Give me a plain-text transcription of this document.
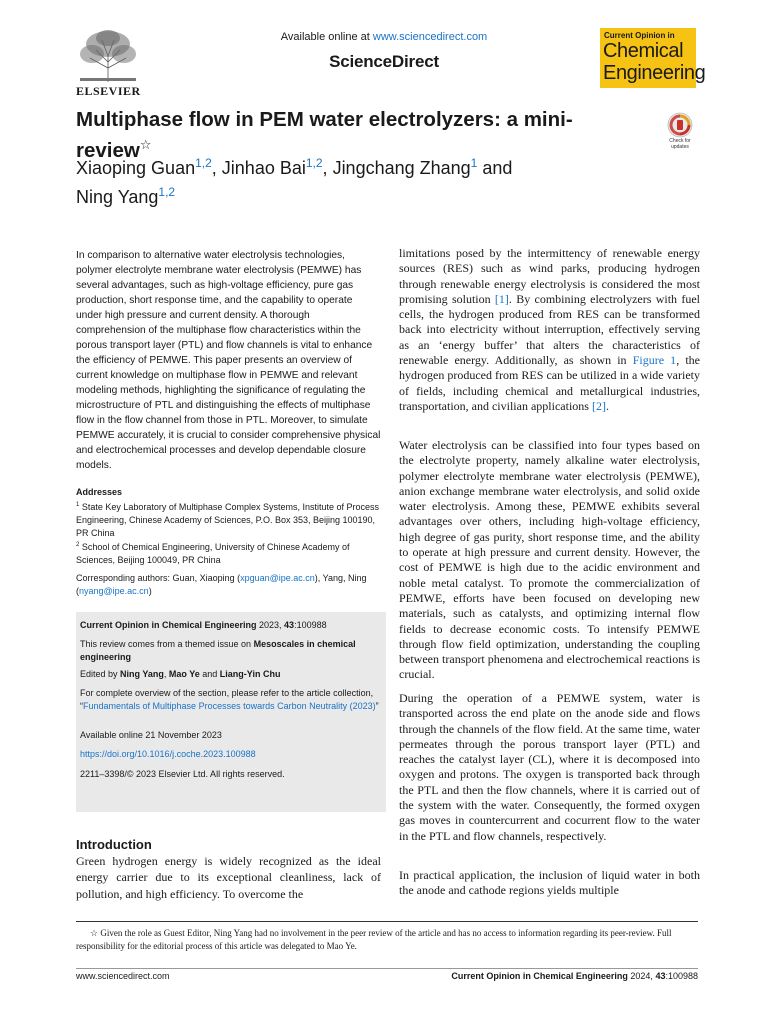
ELSEVIER
Available online at www.sciencedirect.com
ScienceDirect
Current Opinion in
Chemical
Engineering
Multiphase flow in PEM water electrolyzers: a mini-review☆	Check for updates
Xiaoping Guan$^{1,2}$, Jinhao Bai$^{1,2}$, Jingchang Zhang$^1$ and
Ning Yang$^{1,2}$
In comparison to alternative water electrolysis technologies, polymer electrolyte membrane water electrolysis (PEMWE) has several advantages, such as high-voltage efficiency, pure gas production, short response time, and the capability to operate under high pressure and current density. A thorough comprehension of the multiphase flow characteristics within the porous transport layer (PTL) and flow channels is vital to enhance the efficiency of PEMWE. This paper presents an overview of current knowledge on multiphase flow in PEMWE and relevant modeling methods, highlighting the significance of regulating the microstructure of PTL and distinguishing the effects of multiphase flow in the flow channel from those in PTL. Moreover, to simulate PEMWE accurately, it is crucial to consider comprehensive physical and electrochemical processes and develop dependable closure models.
Addresses

$^1$ State Key Laboratory of Multiphase Complex Systems, Institute of Process Engineering, Chinese Academy of Sciences, P.O. Box 353, Beijing 100190, PR China

$^2$ School of Chemical Engineering, University of Chinese Academy of Sciences, Beijing 100049, PR China

Corresponding authors: Guan, Xiaoping (xpguan@ipe.ac.cn), Yang, Ning (nyang@ipe.ac.cn)

Current Opinion in Chemical Engineering 2023, 43:100988

This review comes from a themed issue on Mesoscales in chemical engineering

Edited by Ning Yang, Mao Ye and Liang-Yin Chu

For complete overview of the section, please refer to the article collection, “Fundamentals of Multiphase Processes towards Carbon Neutrality (2023)”

Available online 21 November 2023

https://doi.org/10.1016/j.coche.2023.100988

2211–3398/© 2023 Elsevier Ltd. All rights reserved.

Introduction
Green hydrogen energy is widely recognized as the ideal energy carrier due to its exceptional cleanliness, lack of pollution, and high efficiency. To overcome the

limitations posed by the intermittency of renewable energy sources (RES) such as wind parks, producing hydrogen through renewable energy electrolysis is considered the most promising solution [1]. By combining electrolyzers with fuel cells, the hydrogen produced from RES can be transformed back into electricity without interruption, effectively serving as an ‘energy buffer’ that alters the characteristics of renewable energy. Additionally, as shown in Figure 1, the hydrogen produced from RES can be utilized in a wide variety of fields, including chemical and metallurgical industries, transportation, and civilian applications [2].

Water electrolysis can be classified into four types based on the electrolyte property, namely alkaline water electrolysis, polymer electrolyte membrane water electrolysis (PEMWE), anion exchange membrane water electrolysis, and solid oxide water electrolysis. Among these, PEMWE exhibits several advantages over others, including high-voltage efficiency, high degree of gas purity, short response time, and the ability to operate at high pressure and current density. However, the cost of PEMWE is high due to the acidic environment and noble metal catalyst. To promote the commercialization of PEMWE, efforts have been focused on developing new materials, such as catalysts, and optimizing internal flow fields to decrease economic costs. To intensify PEMWE through flow field optimization, understanding the coupling between transport phenomena and electrochemical reactions is crucial.

During the operation of a PEMWE system, water is transported across the end plate on the anode side and flows through the channels of the flow field. At the same time, water permeates through the porous transport layer (PTL) and reaches the catalyst layer (CL), where it is decomposed into oxygen and protons. The oxygen is transported back through the PTL and then the flow channels, where it is carried out of the system with the water. Consequently, the formed oxygen gas moves in countercurrent and cocurrent flow to the water in the PTL and flow channels, respectively.

In practical application, the inclusion of liquid water in both the anode and cathode regions yields multiple

☆ Given the role as Guest Editor, Ning Yang had no involvement in the peer review of the article and has no access to information regarding its peer-review. Full responsibility for the editorial process of this article was delegated to Mao Ye.
www.sciencedirect.com	Current Opinion in Chemical Engineering 2024, 43:100988
